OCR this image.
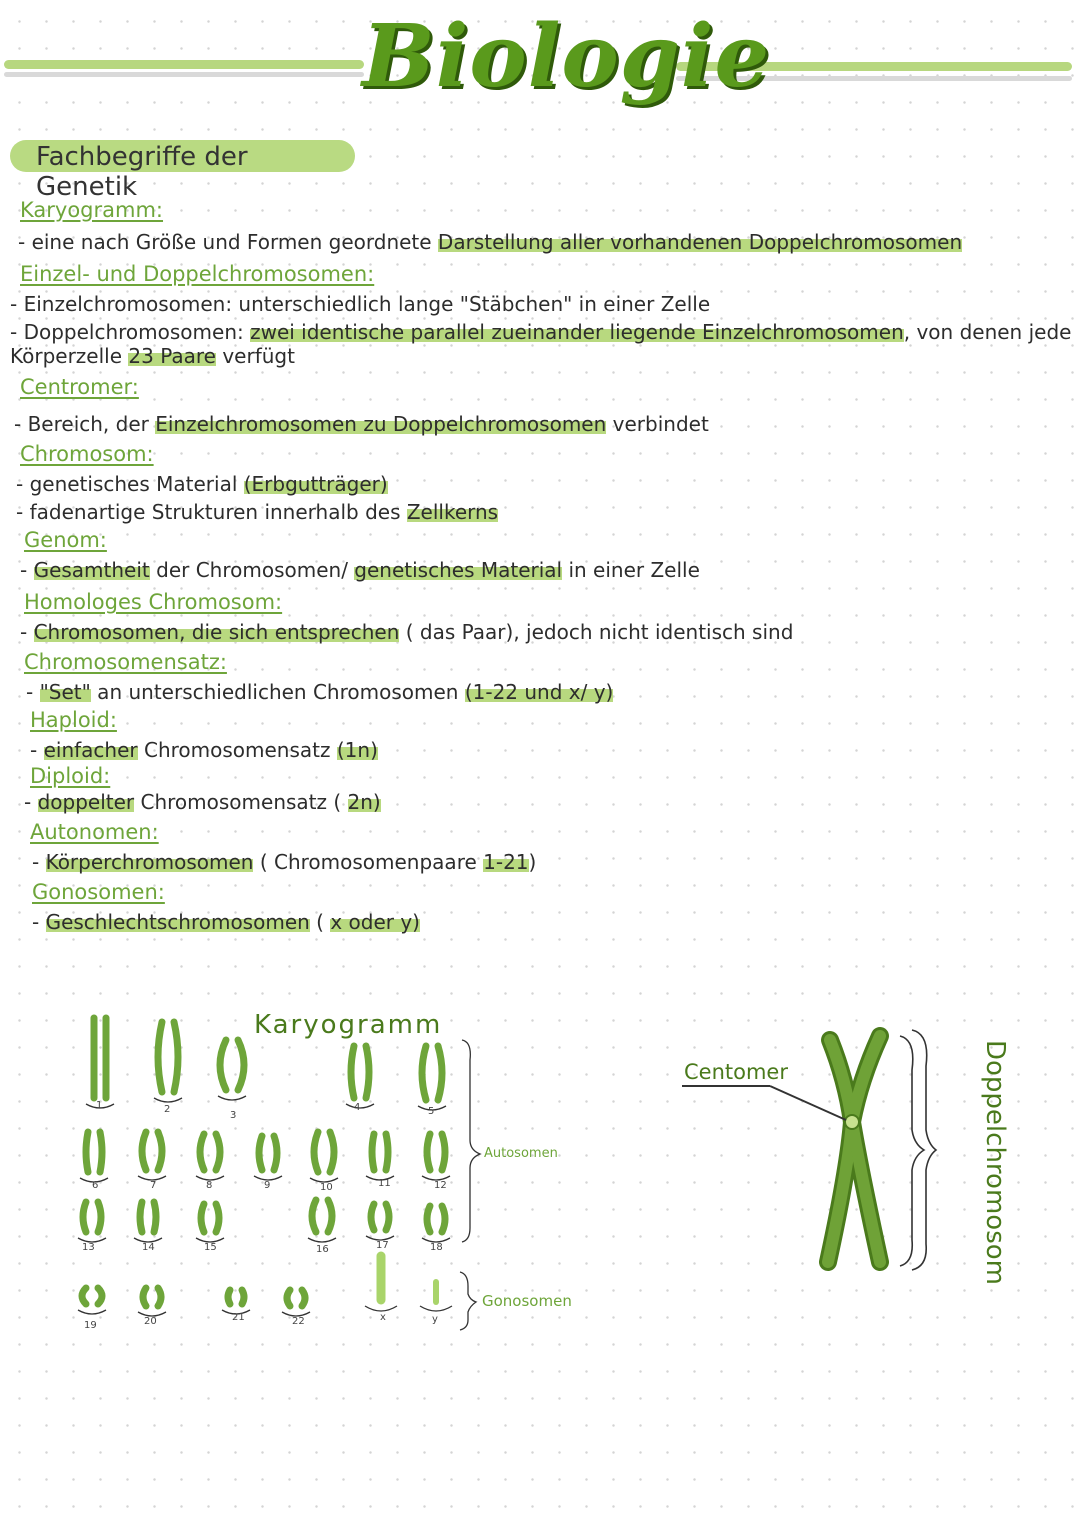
Biologie
Fachbegriffe der Genetik
Karyogramm:
- eine nach Größe und Formen geordnete Darstellung aller vorhandenen Doppelchromosomen
Einzel- und Doppelchromosomen:
- Einzelchromosomen: unterschiedlich lange "Stäbchen" in einer Zelle
- Doppelchromosomen: zwei identische parallel zueinander liegende Einzelchromosomen, von denen jede
Körperzelle 23 Paare verfügt
Centromer:
- Bereich, der Einzelchromosomen zu Doppelchromosomen verbindet
Chromosom:
- genetisches Material (Erbgutträger)
- fadenartige Strukturen innerhalb des Zellkerns
Genom:
- Gesamtheit der Chromosomen/ genetisches Material in einer Zelle
Homologes Chromosom:
- Chromosomen, die sich entsprechen ( das Paar), jedoch nicht identisch sind
Chromosomensatz:
- "Set" an unterschiedlichen Chromosomen (1-22 und x/ y)
Haploid:
- einfacher Chromosomensatz (1n)
Diploid:
- doppelter Chromosomensatz ( 2n)
Autonomen:
- Körperchromosomen ( Chromosomenpaare 1-21)
Gonosomen:
- Geschlechtschromosomen ( x oder y)
Karyogramm
1	2
3
4	5
6	7	8	9	10	11	12
13	14	15	16	17	18
19	20	21	22	x	y
Autosomen
Gonosomen
Centomer	Doppelchromosom
